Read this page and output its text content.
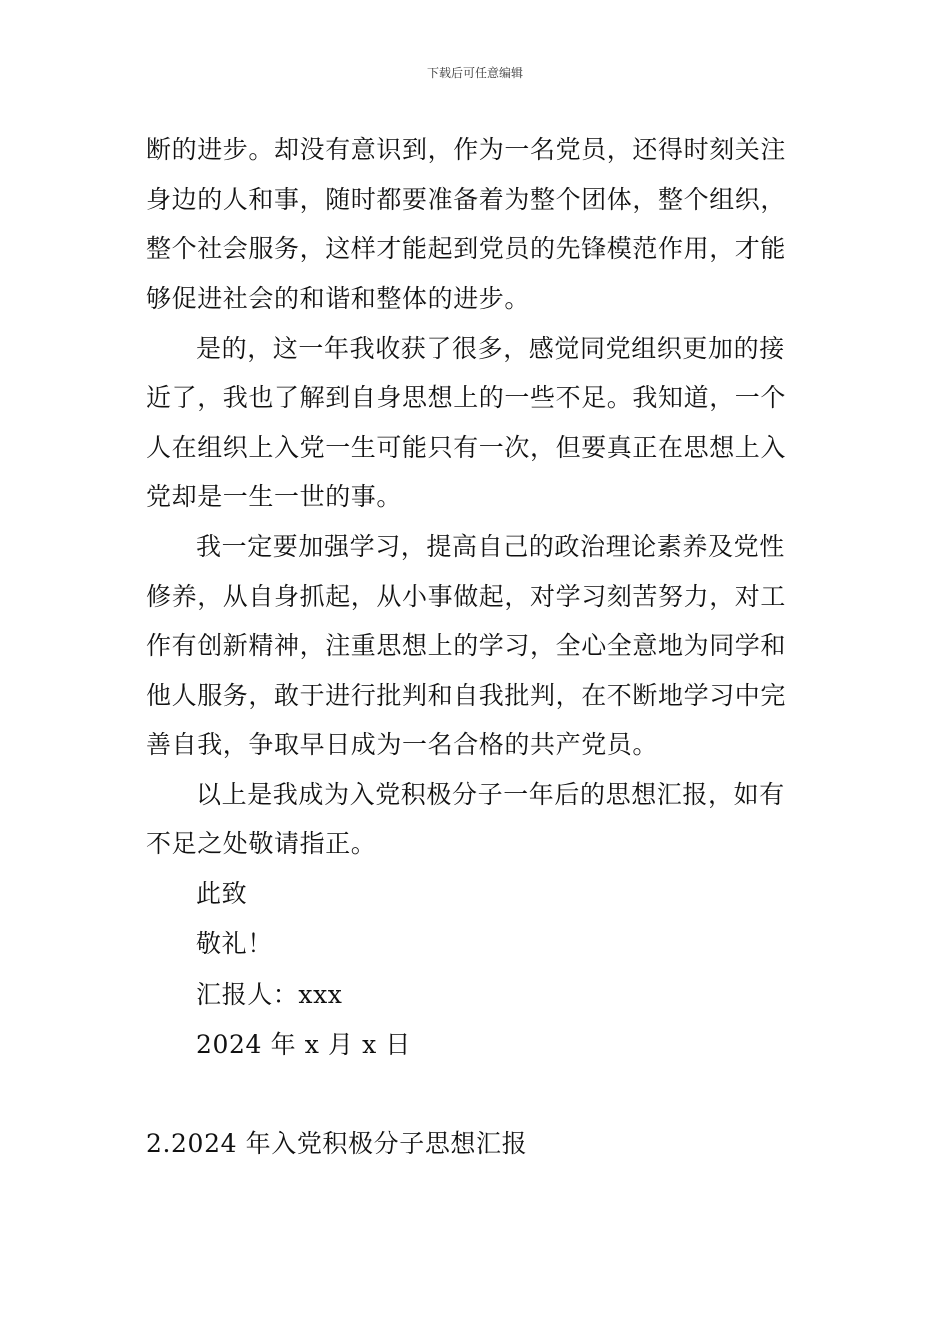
下载后可任意编辑
断的进步。却没有意识到，作为一名党员，还得时刻关注
身边的人和事，随时都要准备着为整个团体，整个组织，
整个社会服务，这样才能起到党员的先锋模范作用，才能
够促进社会的和谐和整体的进步。
是的，这一年我收获了很多，感觉同党组织更加的接
近了，我也了解到自身思想上的一些不足。我知道，一个
人在组织上入党一生可能只有一次，但要真正在思想上入
党却是一生一世的事。
我一定要加强学习，提高自己的政治理论素养及党性
修养，从自身抓起，从小事做起，对学习刻苦努力，对工
作有创新精神，注重思想上的学习，全心全意地为同学和
他人服务，敢于进行批判和自我批判，在不断地学习中完
善自我，争取早日成为一名合格的共产党员。
以上是我成为入党积极分子一年后的思想汇报，如有
不足之处敬请指正。
此致
敬礼！
汇报人：xxx
2024 年 x 月 x 日
2.2024 年入党积极分子思想汇报
